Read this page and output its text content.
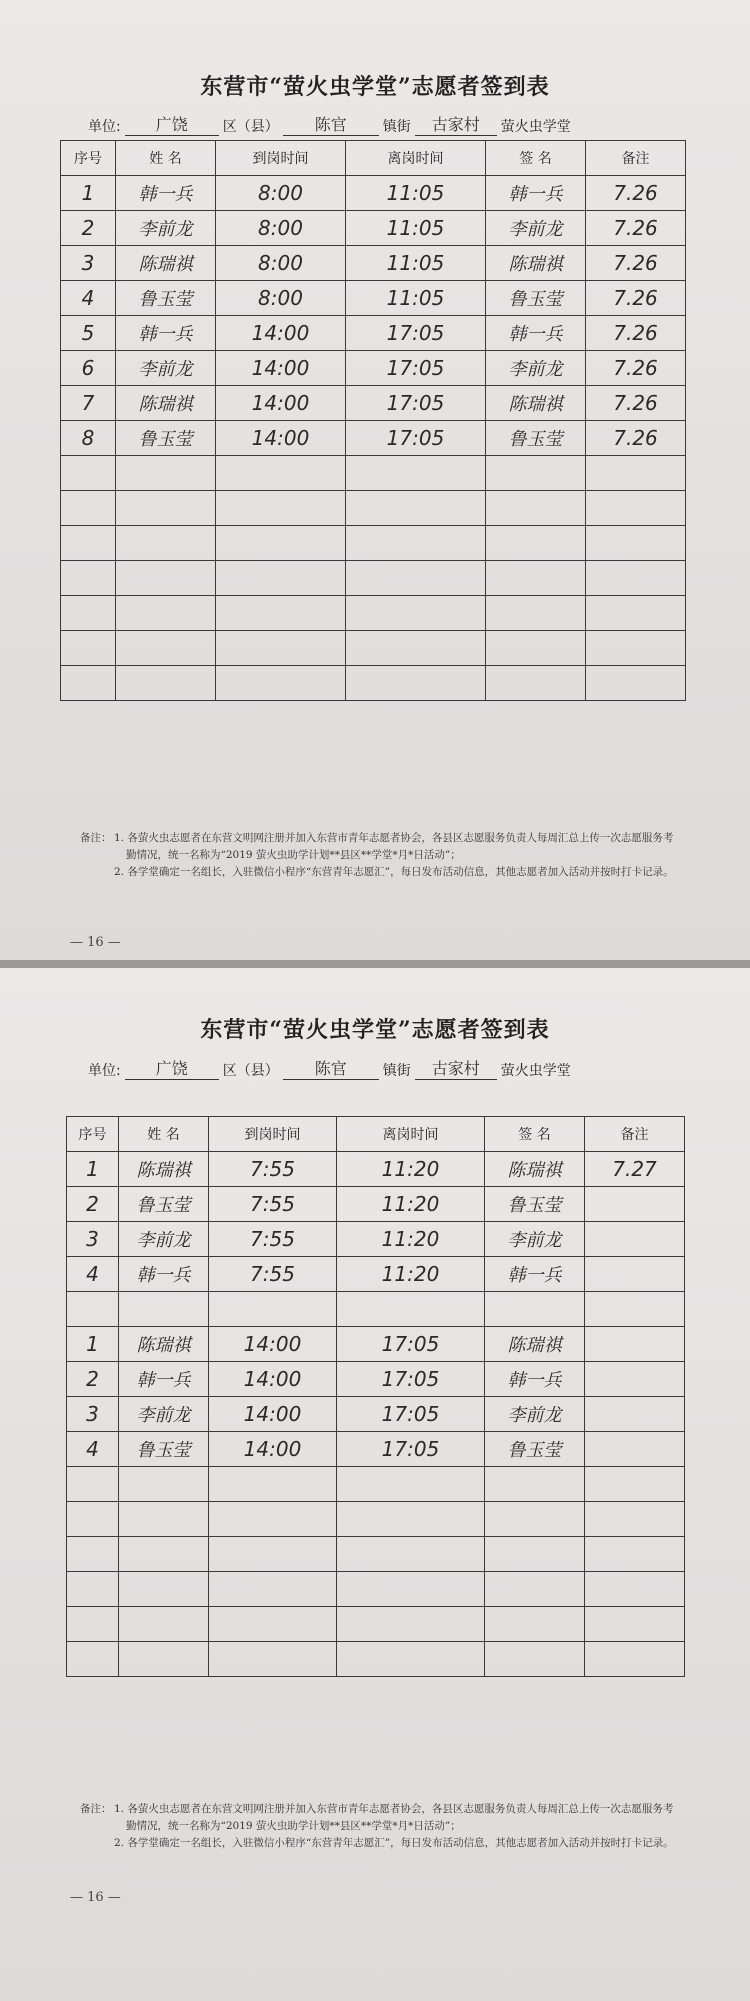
东营市“萤火虫学堂”志愿者签到表
单位:	广饶	区（县）	陈官	镇街	古家村	萤火虫学堂
序号	姓 名	到岗时间	离岗时间	签 名	备注
1	韩一兵	8:00	11:05	韩一兵	7.26
2	李前龙	8:00	11:05	李前龙	7.26
3	陈瑞祺	8:00	11:05	陈瑞祺	7.26
4	鲁玉莹	8:00	11:05	鲁玉莹	7.26
5	韩一兵	14:00	17:05	韩一兵	7.26
6	李前龙	14:00	17:05	李前龙	7.26
7	陈瑞祺	14:00	17:05	陈瑞祺	7.26
8	鲁玉莹	14:00	17:05	鲁玉莹	7.26

备注： 1. 各萤火虫志愿者在东营文明网注册并加入东营市青年志愿者协会，各县区志愿服务负责人每周汇总上传一次志愿服务考勤情况，统一名称为“2019 萤火虫助学计划**县区**学堂*月*日活动”；
2. 各学堂确定一名组长，入驻微信小程序“东营青年志愿汇”，每日发布活动信息，其他志愿者加入活动并按时打卡记录。
— 16 —
东营市“萤火虫学堂”志愿者签到表
单位:	广饶	区（县）	陈官	镇街	古家村	萤火虫学堂
序号	姓 名	到岗时间	离岗时间	签 名	备注
1	陈瑞祺	7:55	11:20	陈瑞祺	7.27
2	鲁玉莹	7:55	11:20	鲁玉莹	
3	李前龙	7:55	11:20	李前龙	
4	韩一兵	7:55	11:20	韩一兵	

1	陈瑞祺	14:00	17:05	陈瑞祺	
2	韩一兵	14:00	17:05	韩一兵	
3	李前龙	14:00	17:05	李前龙	
4	鲁玉莹	14:00	17:05	鲁玉莹	

备注： 1. 各萤火虫志愿者在东营文明网注册并加入东营市青年志愿者协会，各县区志愿服务负责人每周汇总上传一次志愿服务考勤情况，统一名称为“2019 萤火虫助学计划**县区**学堂*月*日活动”；
2. 各学堂确定一名组长，入驻微信小程序“东营青年志愿汇”，每日发布活动信息，其他志愿者加入活动并按时打卡记录。
— 16 —
